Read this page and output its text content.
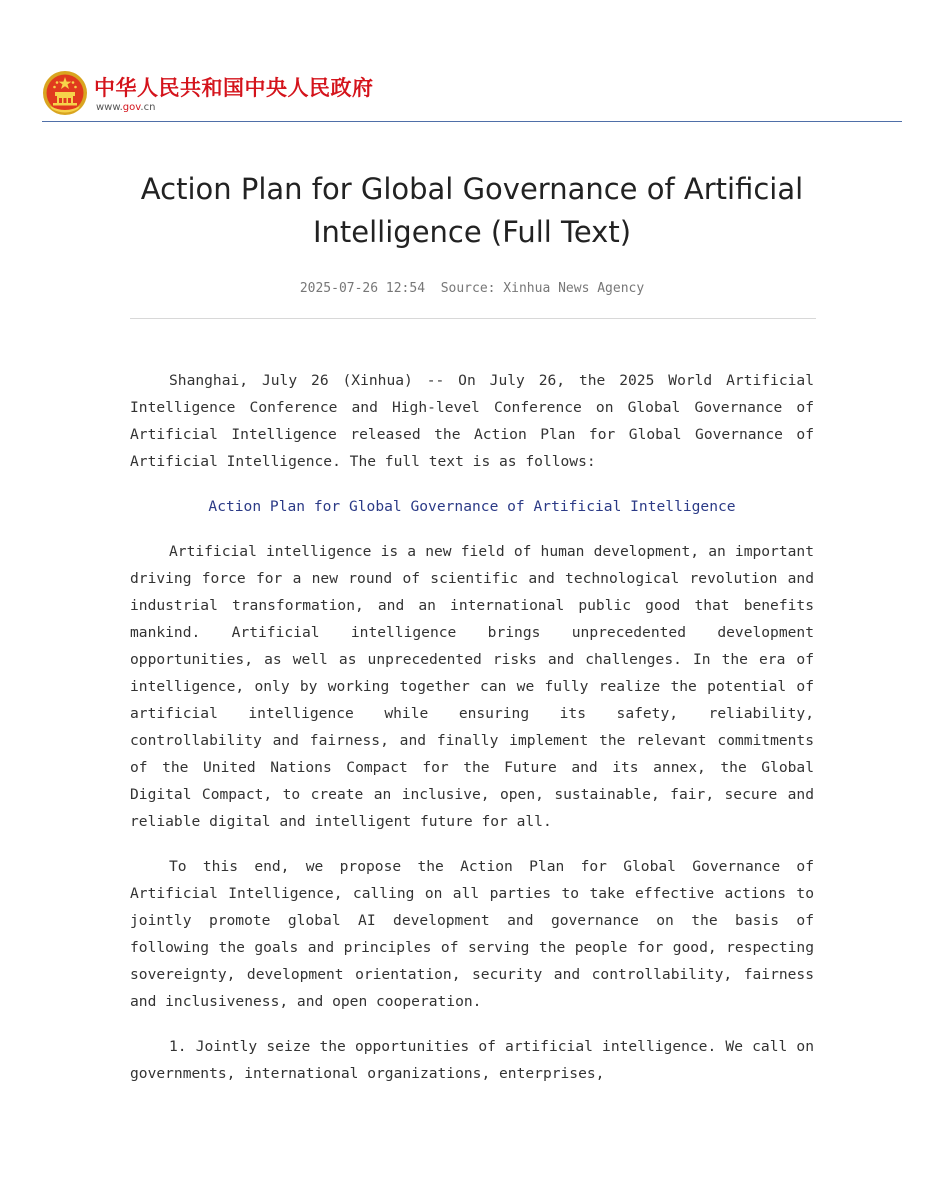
中华人民共和国中央人民政府
www.gov.cn
Action Plan for Global Governance of Artificial Intelligence (Full Text)
2025-07-26 12:54  Source: Xinhua News Agency

Shanghai, July 26 (Xinhua) -- On July 26, the 2025 World Artificial Intelligence Conference and High-level Conference on Global Governance of Artificial Intelligence released the Action Plan for Global Governance of Artificial Intelligence. The full text is as follows:

Action Plan for Global Governance of Artificial Intelligence

Artificial intelligence is a new field of human development, an important driving force for a new round of scientific and technological revolution and industrial transformation, and an international public good that benefits mankind. Artificial intelligence brings unprecedented development opportunities, as well as unprecedented risks and challenges. In the era of intelligence, only by working together can we fully realize the potential of artificial intelligence while ensuring its safety, reliability, controllability and fairness, and finally implement the relevant commitments of the United Nations Compact for the Future and its annex, the Global Digital Compact, to create an inclusive, open, sustainable, fair, secure and reliable digital and intelligent future for all.

To this end, we propose the Action Plan for Global Governance of Artificial Intelligence, calling on all parties to take effective actions to jointly promote global AI development and governance on the basis of following the goals and principles of serving the people for good, respecting sovereignty, development orientation, security and controllability, fairness and inclusiveness, and open cooperation.

1. Jointly seize the opportunities of artificial intelligence. We call on governments, international organizations, enterprises,
